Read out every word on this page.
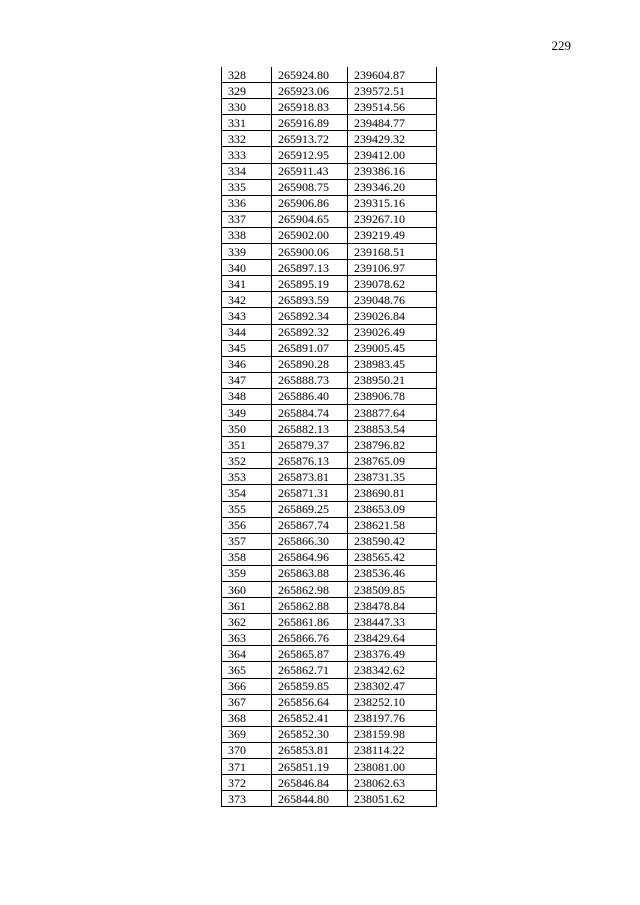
229
328	265924.80	239604.87
329	265923.06	239572.51
330	265918.83	239514.56
331	265916.89	239484.77
332	265913.72	239429.32
333	265912.95	239412.00
334	265911.43	239386.16
335	265908.75	239346.20
336	265906.86	239315.16
337	265904.65	239267.10
338	265902.00	239219.49
339	265900.06	239168.51
340	265897.13	239106.97
341	265895.19	239078.62
342	265893.59	239048.76
343	265892.34	239026.84
344	265892.32	239026.49
345	265891.07	239005.45
346	265890.28	238983.45
347	265888.73	238950.21
348	265886.40	238906.78
349	265884.74	238877.64
350	265882.13	238853.54
351	265879.37	238796.82
352	265876.13	238765.09
353	265873.81	238731.35
354	265871.31	238690.81
355	265869.25	238653.09
356	265867.74	238621.58
357	265866.30	238590.42
358	265864.96	238565.42
359	265863.88	238536.46
360	265862.98	238509.85
361	265862.88	238478.84
362	265861.86	238447.33
363	265866.76	238429.64
364	265865.87	238376.49
365	265862.71	238342.62
366	265859.85	238302.47
367	265856.64	238252.10
368	265852.41	238197.76
369	265852.30	238159.98
370	265853.81	238114.22
371	265851.19	238081.00
372	265846.84	238062.63
373	265844.80	238051.62
